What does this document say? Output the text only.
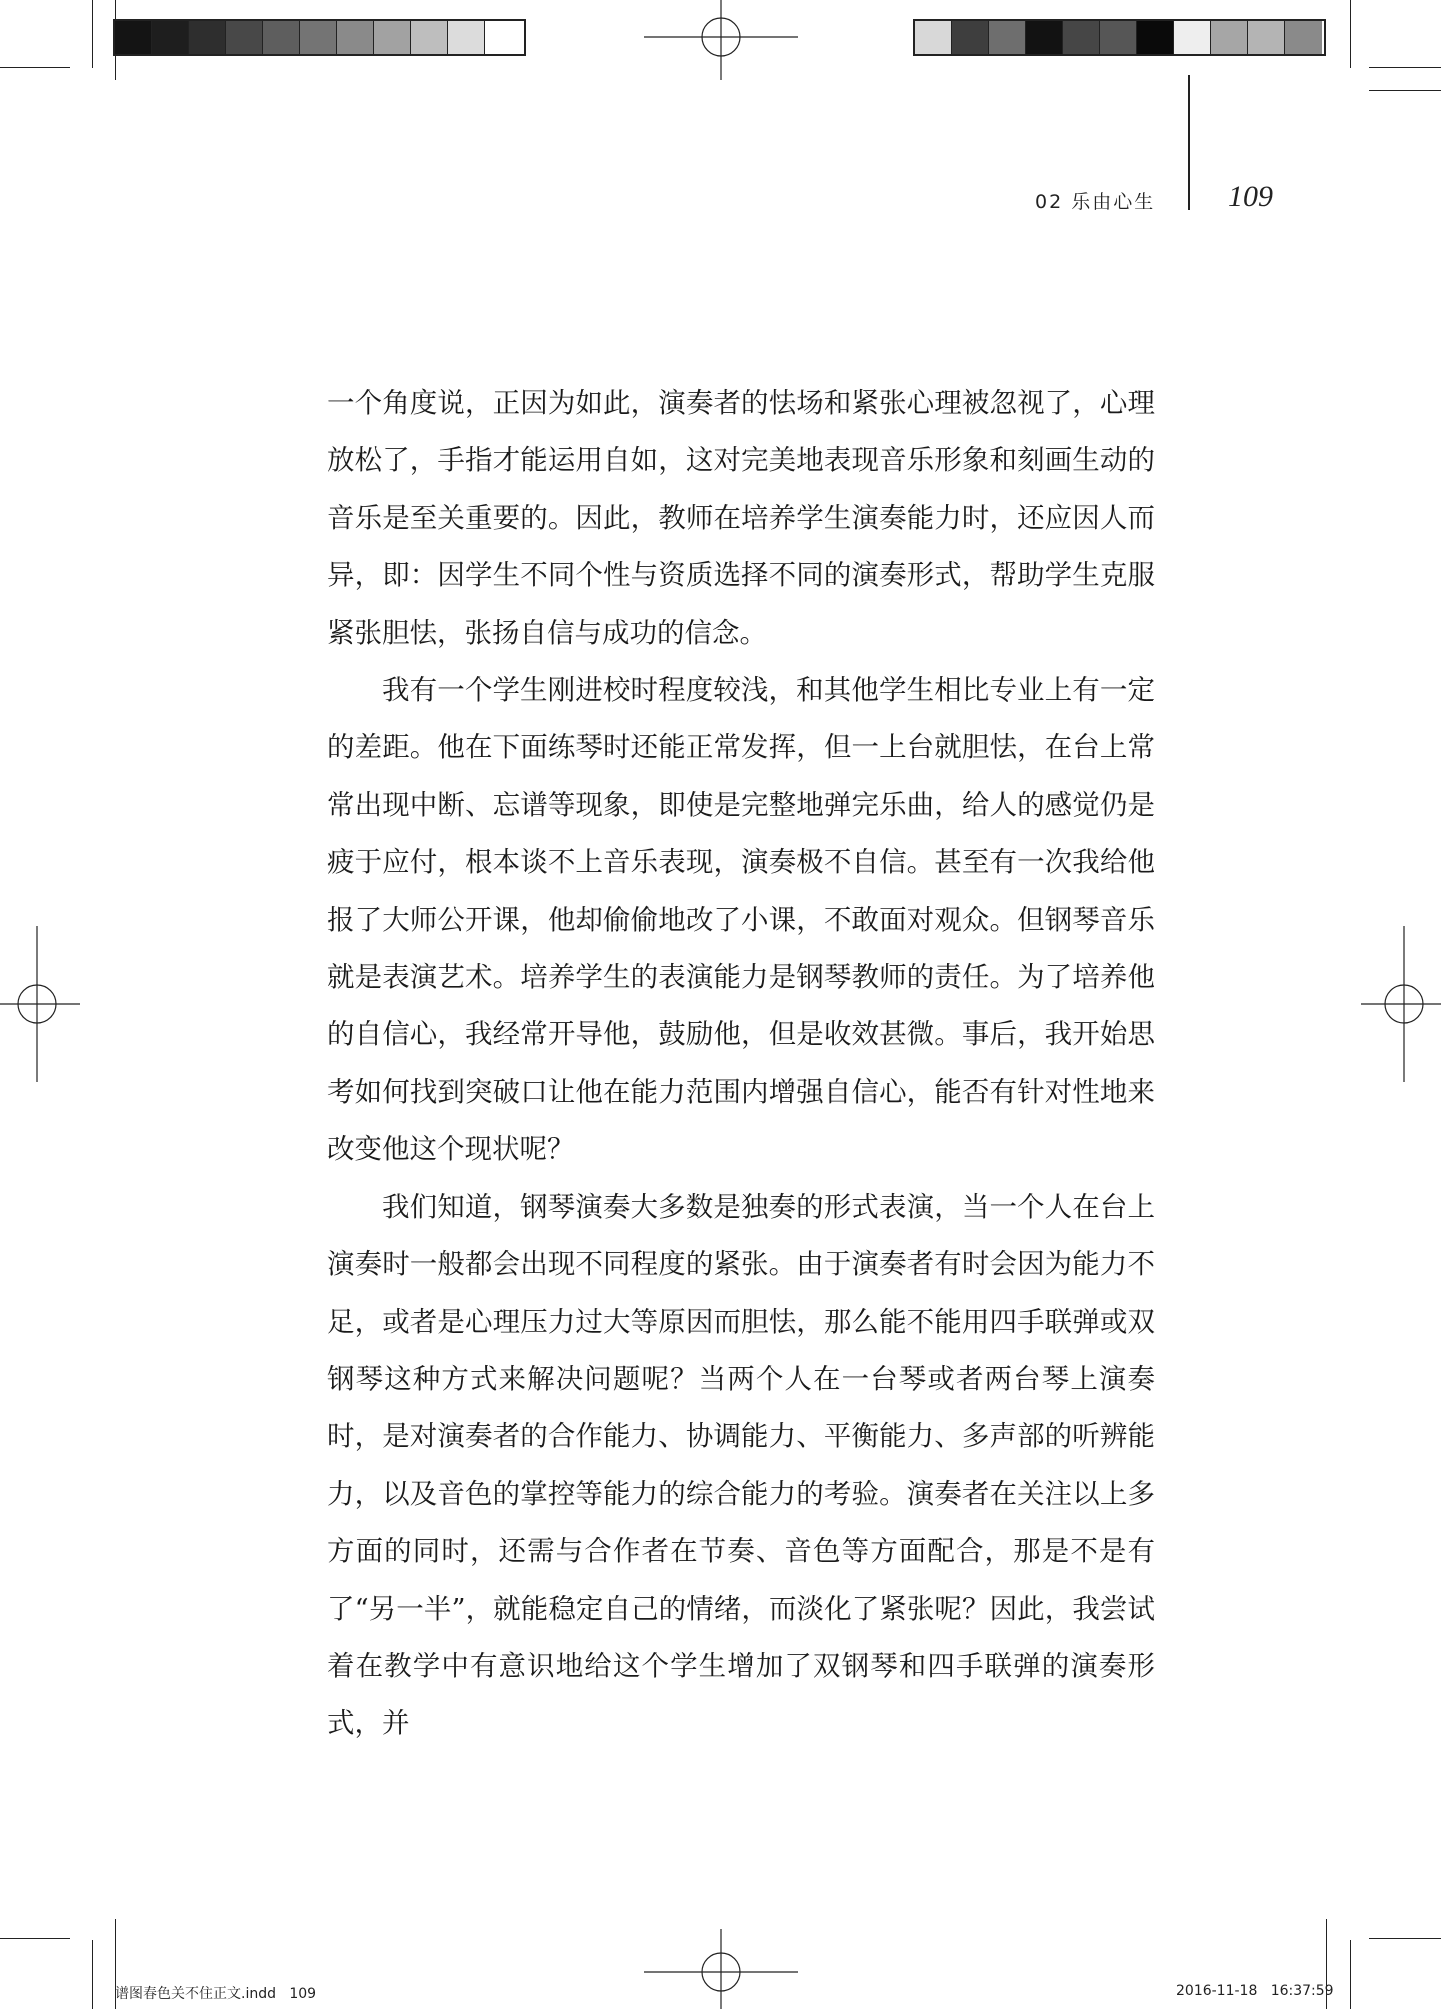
02 乐由心生 109

一个角度说，正因为如此，演奏者的怯场和紧张心理被忽视了，心理放松了，手指才能运用自如，这对完美地表现音乐形象和刻画生动的音乐是至关重要的。因此，教师在培养学生演奏能力时，还应因人而异，即：因学生不同个性与资质选择不同的演奏形式，帮助学生克服紧张胆怯，张扬自信与成功的信念。

我有一个学生刚进校时程度较浅，和其他学生相比专业上有一定的差距。他在下面练琴时还能正常发挥，但一上台就胆怯，在台上常常出现中断、忘谱等现象，即使是完整地弹完乐曲，给人的感觉仍是疲于应付，根本谈不上音乐表现，演奏极不自信。甚至有一次我给他报了大师公开课，他却偷偷地改了小课，不敢面对观众。但钢琴音乐就是表演艺术。培养学生的表演能力是钢琴教师的责任。为了培养他的自信心，我经常开导他，鼓励他，但是收效甚微。事后，我开始思考如何找到突破口让他在能力范围内增强自信心，能否有针对性地来改变他这个现状呢？

我们知道，钢琴演奏大多数是独奏的形式表演，当一个人在台上演奏时一般都会出现不同程度的紧张。由于演奏者有时会因为能力不足，或者是心理压力过大等原因而胆怯，那么能不能用四手联弹或双钢琴这种方式来解决问题呢？当两个人在一台琴或者两台琴上演奏时，是对演奏者的合作能力、协调能力、平衡能力、多声部的听辨能力，以及音色的掌控等能力的综合能力的考验。演奏者在关注以上多方面的同时，还需与合作者在节奏、音色等方面配合，那是不是有了“另一半”，就能稳定自己的情绪，而淡化了紧张呢？因此，我尝试着在教学中有意识地给这个学生增加了双钢琴和四手联弹的演奏形式，并

谱图春色关不住正文.indd   109	2016-11-18   16:37:59
